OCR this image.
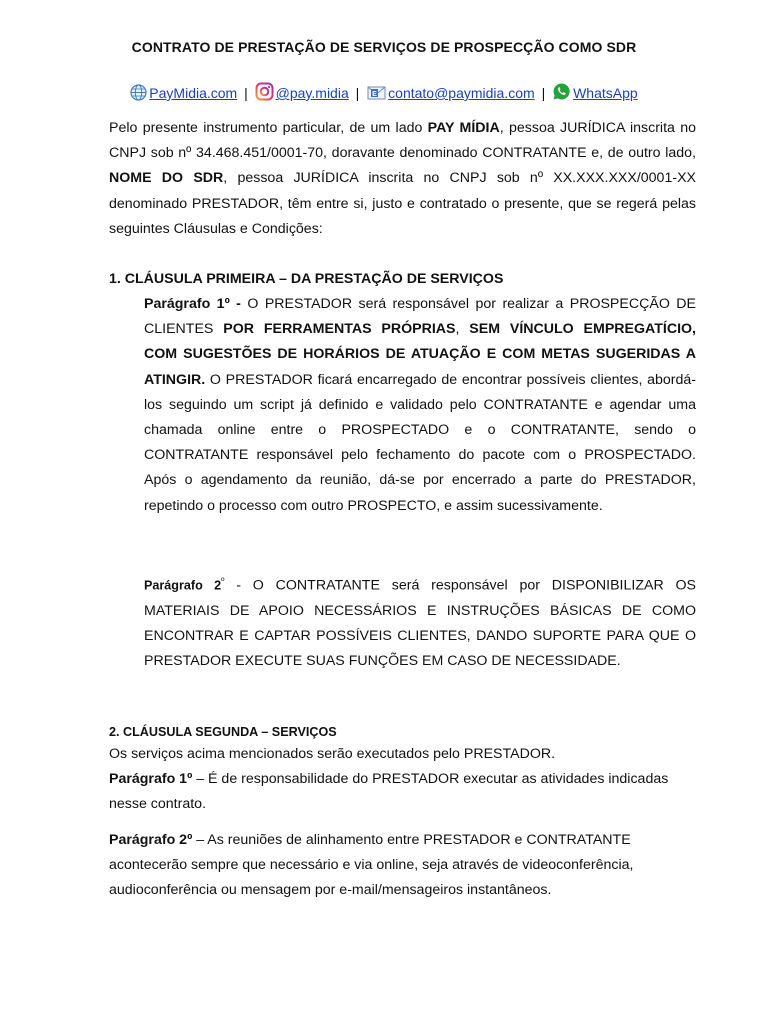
CONTRATO DE PRESTAÇÃO DE SERVIÇOS DE PROSPECÇÃO COMO SDR
PayMidia.com | @pay.midia | E contato@paymidia.com | WhatsApp

Pelo presente instrumento particular, de um lado PAY MÍDIA, pessoa JURÍDICA inscrita no CNPJ sob nº 34.468.451/0001-70, doravante denominado CONTRATANTE e, de outro lado, NOME DO SDR, pessoa JURÍDICA inscrita no CNPJ sob nº XX.XXX.XXX/0001-XX denominado PRESTADOR, têm entre si, justo e contratado o presente, que se regerá pelas seguintes Cláusulas e Condições:

1. CLÁUSULA PRIMEIRA – DA PRESTAÇÃO DE SERVIÇOS

Parágrafo 1º - O PRESTADOR será responsável por realizar a PROSPECÇÃO DE CLIENTES POR FERRAMENTAS PRÓPRIAS, SEM VÍNCULO EMPREGATÍCIO, COM SUGESTÕES DE HORÁRIOS DE ATUAÇÃO E COM METAS SUGERIDAS A ATINGIR. O PRESTADOR ficará encarregado de encontrar possíveis clientes, abordá-los seguindo um script já definido e validado pelo CONTRATANTE e agendar uma chamada online entre o PROSPECTADO e o CONTRATANTE, sendo o CONTRATANTE responsável pelo fechamento do pacote com o PROSPECTADO. Após o agendamento da reunião, dá-se por encerrado a parte do PRESTADOR, repetindo o processo com outro PROSPECTO, e assim sucessivamente.

Parágrafo $2^º$ - O CONTRATANTE será responsável por DISPONIBILIZAR OS MATERIAIS DE APOIO NECESSÁRIOS E INSTRUÇÕES BÁSICAS DE COMO ENCONTRAR E CAPTAR POSSÍVEIS CLIENTES, DANDO SUPORTE PARA QUE O PRESTADOR EXECUTE SUAS FUNÇÕES EM CASO DE NECESSIDADE.

2. CLÁUSULA SEGUNDA – SERVIÇOS

Os serviços acima mencionados serão executados pelo PRESTADOR.

Parágrafo 1º – É de responsabilidade do PRESTADOR executar as atividades indicadas nesse contrato.

Parágrafo 2º – As reuniões de alinhamento entre PRESTADOR e CONTRATANTE acontecerão sempre que necessário e via online, seja através de videoconferência, audioconferência ou mensagem por e-mail/mensageiros instantâneos.
